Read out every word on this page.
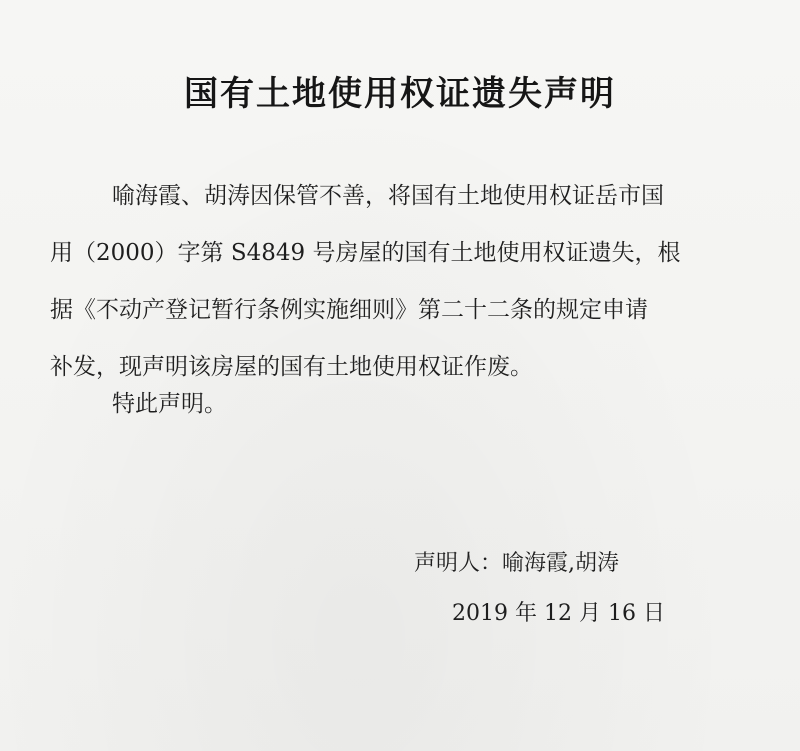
国有土地使用权证遗失声明

喻海霞、胡涛因保管不善，将国有土地使用权证岳市国
用（2000）字第 S4849 号房屋的国有土地使用权证遗失，根
据《不动产登记暂行条例实施细则》第二十二条的规定申请
补发，现声明该房屋的国有土地使用权证作废。

特此声明。
声明人：喻海霞,胡涛
2019 年 12 月 16 日
